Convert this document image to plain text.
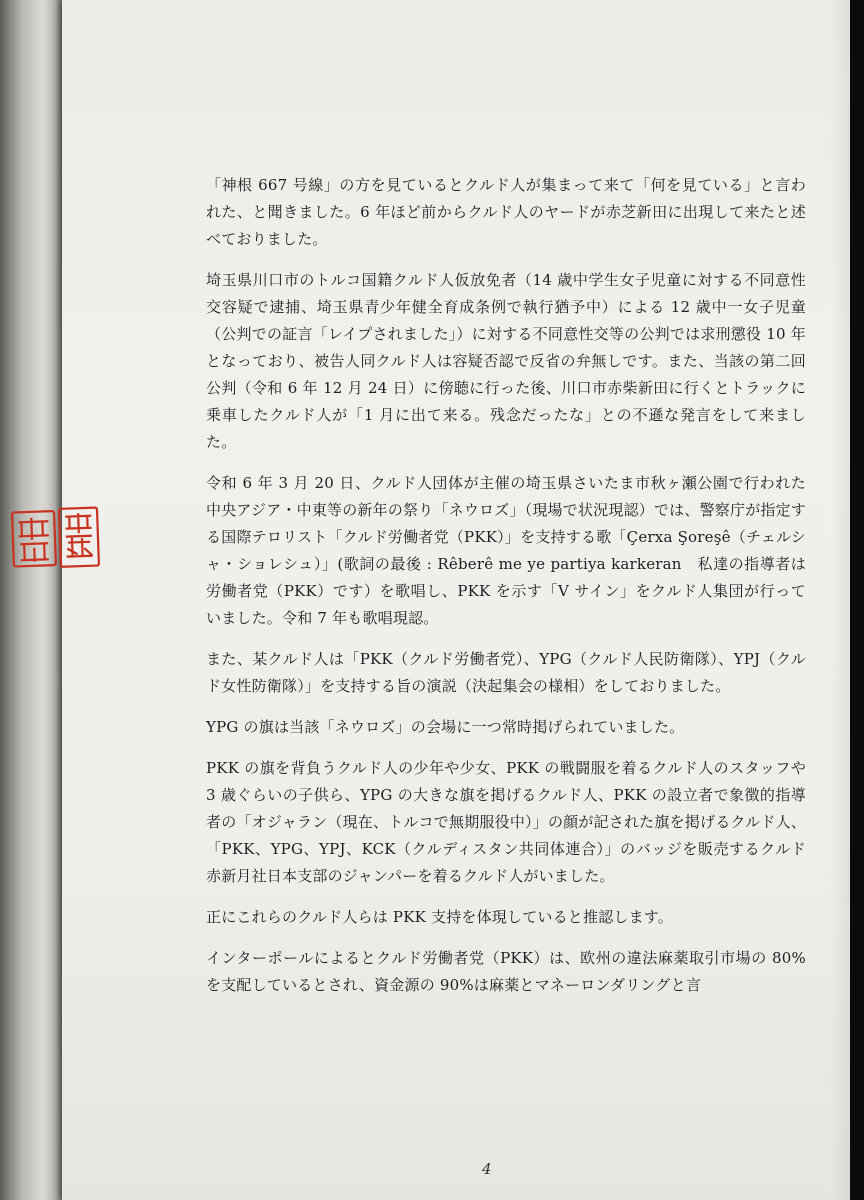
「神根 667 号線」の方を見ているとクルド人が集まって来て「何を見ている」と言われた、と聞きました。6 年ほど前からクルド人のヤードが赤芝新田に出現して来たと述べておりました。

埼玉県川口市のトルコ国籍クルド人仮放免者（14 歳中学生女子児童に対する不同意性交容疑で逮捕、埼玉県青少年健全育成条例で執行猶予中）による 12 歳中一女子児童（公判での証言「レイプされました」）に対する不同意性交等の公判では求刑懲役 10 年となっており、被告人同クルド人は容疑否認で反省の弁無しです。また、当該の第二回公判（令和 6 年 12 月 24 日）に傍聴に行った後、川口市赤柴新田に行くとトラックに乗車したクルド人が「1 月に出て来る。残念だったな」との不遜な発言をして来ました。

令和 6 年 3 月 20 日、クルド人団体が主催の埼玉県さいたま市秋ヶ瀬公園で行われた中央アジア・中東等の新年の祭り「ネウロズ」（現場で状況現認）では、警察庁が指定する国際テロリスト「クルド労働者党（PKK）」を支持する歌「Çerxa Şoreşê（チェルシャ・ショレシュ）」(歌詞の最後 : Rêberê me ye partiya karkeran　私達の指導者は労働者党（PKK）です）を歌唱し、PKK を示す「V サイン」をクルド人集団が行っていました。令和 7 年も歌唱現認。

また、某クルド人は「PKK（クルド労働者党）、YPG（クルド人民防衛隊）、YPJ（クルド女性防衛隊）」を支持する旨の演説（決起集会の様相）をしておりました。

YPG の旗は当該「ネウロズ」の会場に一つ常時掲げられていました。

PKK の旗を背負うクルド人の少年や少女、PKK の戦闘服を着るクルド人のスタッフや 3 歳ぐらいの子供ら、YPG の大きな旗を掲げるクルド人、PKK の設立者で象徴的指導者の「オジャラン（現在、トルコで無期服役中）」の顔が記された旗を掲げるクルド人、「PKK、YPG、YPJ、KCK（クルディスタン共同体連合）」のバッジを販売するクルド赤新月社日本支部のジャンパーを着るクルド人がいました。

正にこれらのクルド人らは PKK 支持を体現していると推認します。

インターポールによるとクルド労働者党（PKK）は、欧州の違法麻薬取引市場の 80%を支配しているとされ、資金源の 90%は麻薬とマネーロンダリングと言

4
